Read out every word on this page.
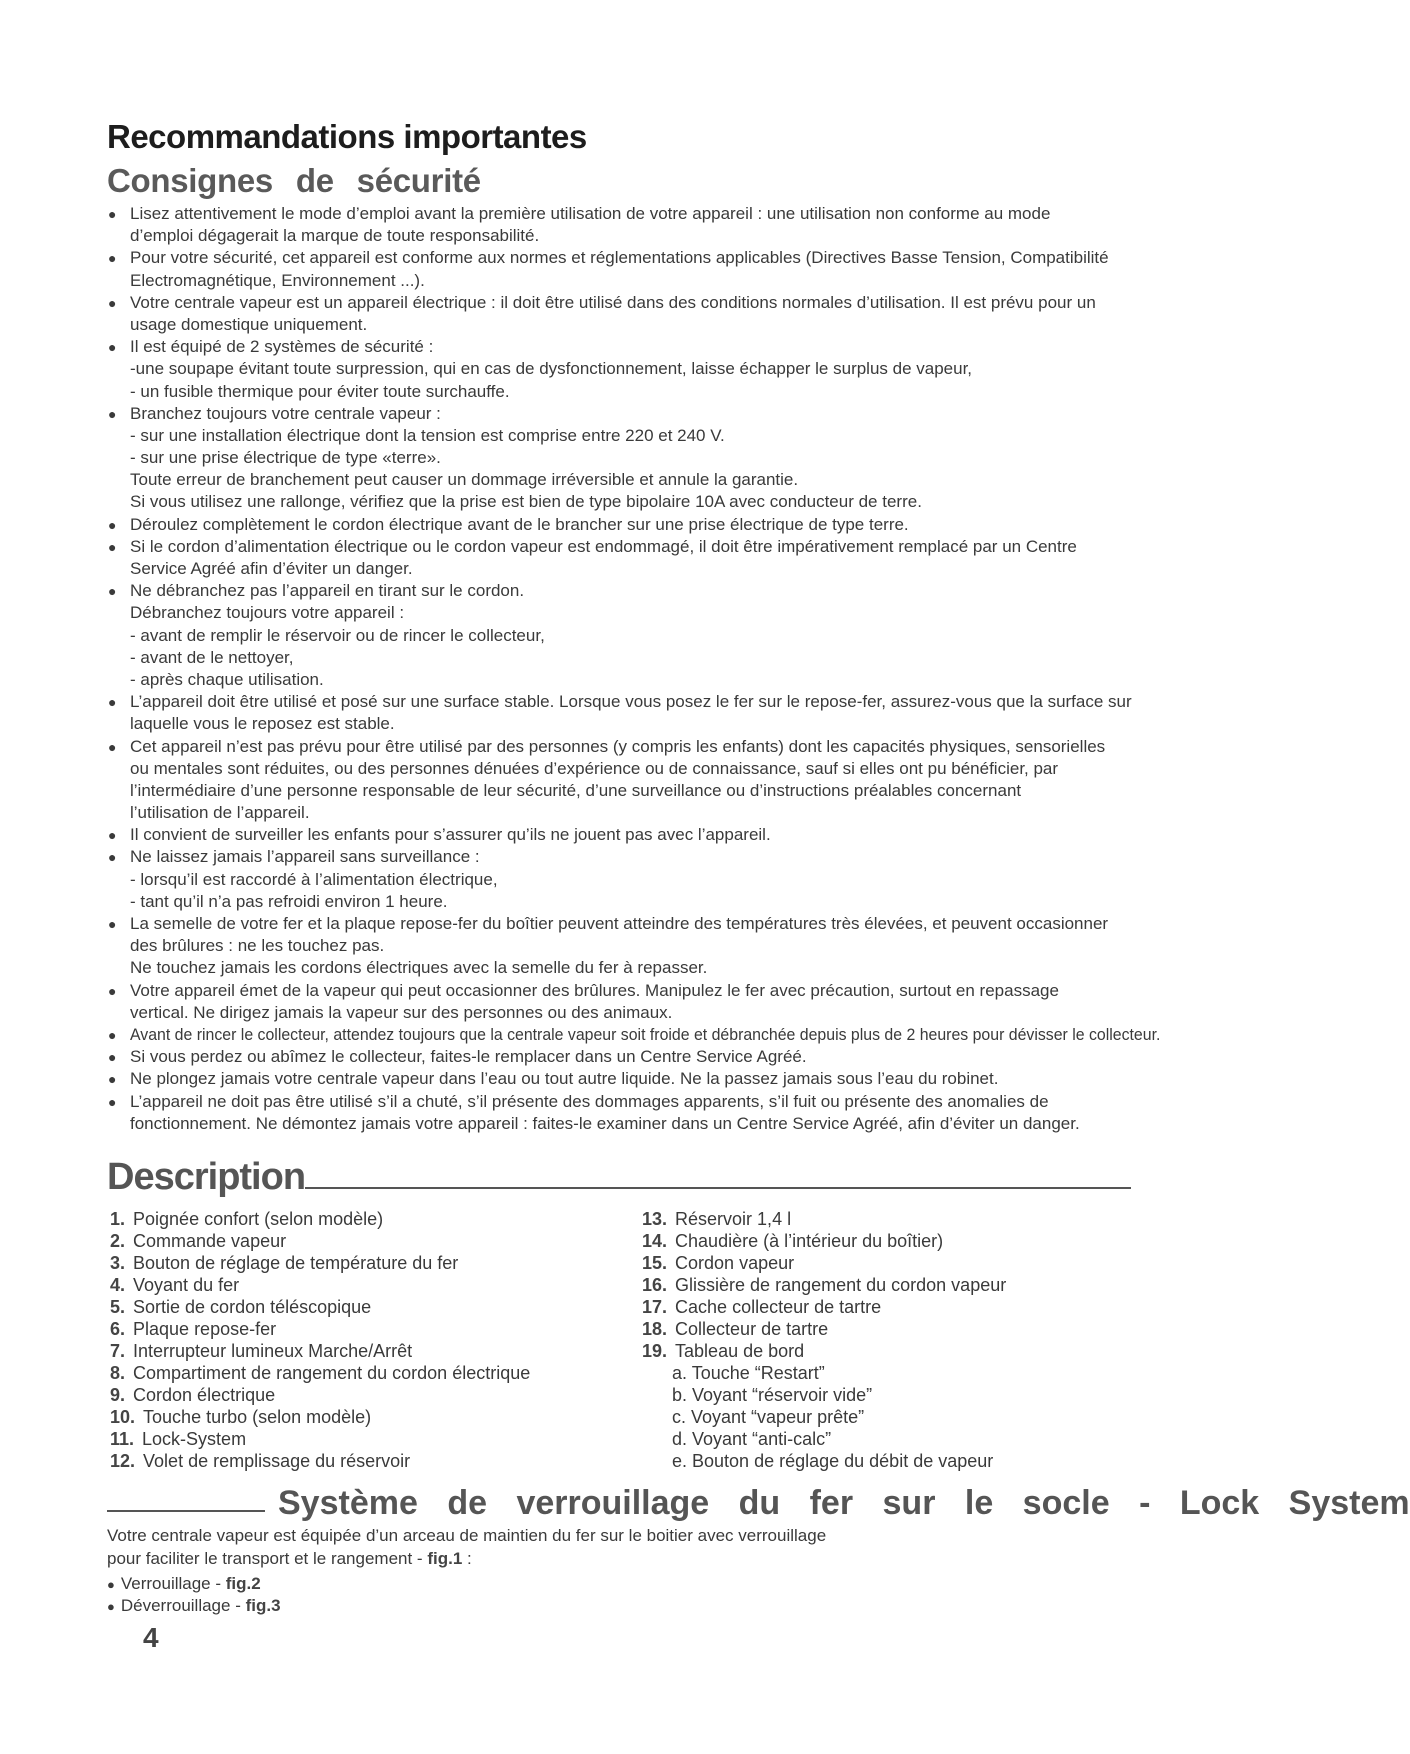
Recommandations importantes
Consignes de sécurité
● Lisez attentivement le mode d’emploi avant la première utilisation de votre appareil : une utilisation non conforme au mode
d’emploi dégagerait la marque de toute responsabilité.
● Pour votre sécurité, cet appareil est conforme aux normes et réglementations applicables (Directives Basse Tension, Compatibilité
Electromagnétique, Environnement ...).
● Votre centrale vapeur est un appareil électrique : il doit être utilisé dans des conditions normales d’utilisation. Il est prévu pour un
usage domestique uniquement.
● Il est équipé de 2 systèmes de sécurité :
-une soupape évitant toute surpression, qui en cas de dysfonctionnement, laisse échapper le surplus de vapeur,
- un fusible thermique pour éviter toute surchauffe.
● Branchez toujours votre centrale vapeur :
- sur une installation électrique dont la tension est comprise entre 220 et 240 V.
- sur une prise électrique de type «terre».
Toute erreur de branchement peut causer un dommage irréversible et annule la garantie.
Si vous utilisez une rallonge, vérifiez que la prise est bien de type bipolaire 10A avec conducteur de terre.
● Déroulez complètement le cordon électrique avant de le brancher sur une prise électrique de type terre.
● Si le cordon d’alimentation électrique ou le cordon vapeur est endommagé, il doit être impérativement remplacé par un Centre
Service Agréé afin d’éviter un danger.
● Ne débranchez pas l’appareil en tirant sur le cordon.
Débranchez toujours votre appareil :
- avant de remplir le réservoir ou de rincer le collecteur,
- avant de le nettoyer,
- après chaque utilisation.
● L’appareil doit être utilisé et posé sur une surface stable. Lorsque vous posez le fer sur le repose-fer, assurez-vous que la surface sur
laquelle vous le reposez est stable.
● Cet appareil n’est pas prévu pour être utilisé par des personnes (y compris les enfants) dont les capacités physiques, sensorielles
ou mentales sont réduites, ou des personnes dénuées d’expérience ou de connaissance, sauf si elles ont pu bénéficier, par
l’intermédiaire d’une personne responsable de leur sécurité, d’une surveillance ou d’instructions préalables concernant
l’utilisation de l’appareil.
● Il convient de surveiller les enfants pour s’assurer qu’ils ne jouent pas avec l’appareil.
● Ne laissez jamais l’appareil sans surveillance :
- lorsqu’il est raccordé à l’alimentation électrique,
- tant qu’il n’a pas refroidi environ 1 heure.
● La semelle de votre fer et la plaque repose-fer du boîtier peuvent atteindre des températures très élevées, et peuvent occasionner
des brûlures : ne les touchez pas.
Ne touchez jamais les cordons électriques avec la semelle du fer à repasser.
● Votre appareil émet de la vapeur qui peut occasionner des brûlures. Manipulez le fer avec précaution, surtout en repassage
vertical. Ne dirigez jamais la vapeur sur des personnes ou des animaux.
● Avant de rincer le collecteur, attendez toujours que la centrale vapeur soit froide et débranchée depuis plus de 2 heures pour dévisser le collecteur.
● Si vous perdez ou abîmez le collecteur, faites-le remplacer dans un Centre Service Agréé.
● Ne plongez jamais votre centrale vapeur dans l’eau ou tout autre liquide. Ne la passez jamais sous l’eau du robinet.
● L’appareil ne doit pas être utilisé s’il a chuté, s’il présente des dommages apparents, s’il fuit ou présente des anomalies de
fonctionnement. Ne démontez jamais votre appareil : faites-le examiner dans un Centre Service Agréé, afin d’éviter un danger.
Description
1. Poignée confort (selon modèle)
2. Commande vapeur
3. Bouton de réglage de température du fer
4. Voyant du fer
5. Sortie de cordon téléscopique
6. Plaque repose-fer
7. Interrupteur lumineux Marche/Arrêt
8. Compartiment de rangement du cordon électrique
9. Cordon électrique
10. Touche turbo (selon modèle)
11. Lock-System
12. Volet de remplissage du réservoir
13. Réservoir 1,4 l
14. Chaudière (à l’intérieur du boîtier)
15. Cordon vapeur
16. Glissière de rangement du cordon vapeur
17. Cache collecteur de tartre
18. Collecteur de tartre
19. Tableau de bord
a. Touche “Restart”
b. Voyant “réservoir vide”
c. Voyant “vapeur prête”
d. Voyant “anti-calc”
e. Bouton de réglage du débit de vapeur
Système de verrouillage du fer sur le socle - Lock System
Votre centrale vapeur est équipée d’un arceau de maintien du fer sur le boitier avec verrouillage
pour faciliter le transport et le rangement - fig.1 :
● Verrouillage - fig.2
● Déverrouillage - fig.3
4
